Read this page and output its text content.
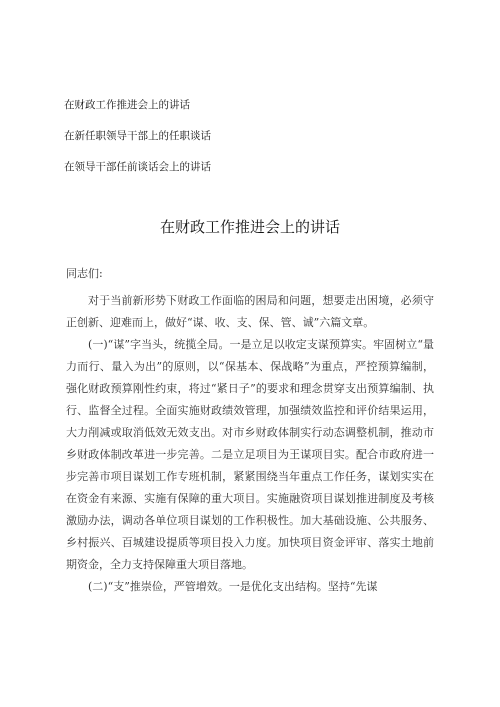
在财政工作推进会上的讲话
在新任职领导干部上的任职谈话
在领导干部任前谈话会上的讲话
在财政工作推进会上的讲话
同志们:

对于当前新形势下财政工作面临的困局和问题，想要走出困境，必须守正创新、迎难而上，做好“谋、收、支、保、管、诚”六篇文章。

(一)“谋”字当头，统揽全局。一是立足以收定支谋预算实。牢固树立“量力而行、量入为出”的原则，以“保基本、保战略”为重点，严控预算编制，强化财政预算刚性约束，将过“紧日子”的要求和理念贯穿支出预算编制、执行、监督全过程。全面实施财政绩效管理，加强绩效监控和评价结果运用，大力削减或取消低效无效支出。对市乡财政体制实行动态调整机制，推动市乡财政体制改革进一步完善。二是立足项目为王谋项目实。配合市政府进一步完善市项目谋划工作专班机制，紧紧围绕当年重点工作任务，谋划实实在在资金有来源、实施有保障的重大项目。实施融资项目谋划推进制度及考核激励办法，调动各单位项目谋划的工作积极性。加大基础设施、公共服务、乡村振兴、百城建设提质等项目投入力度。加快项目资金评审、落实土地前期资金，全力支持保障重大项目落地。

(二)“支”推崇俭，严管增效。一是优化支出结构。坚持“先谋
